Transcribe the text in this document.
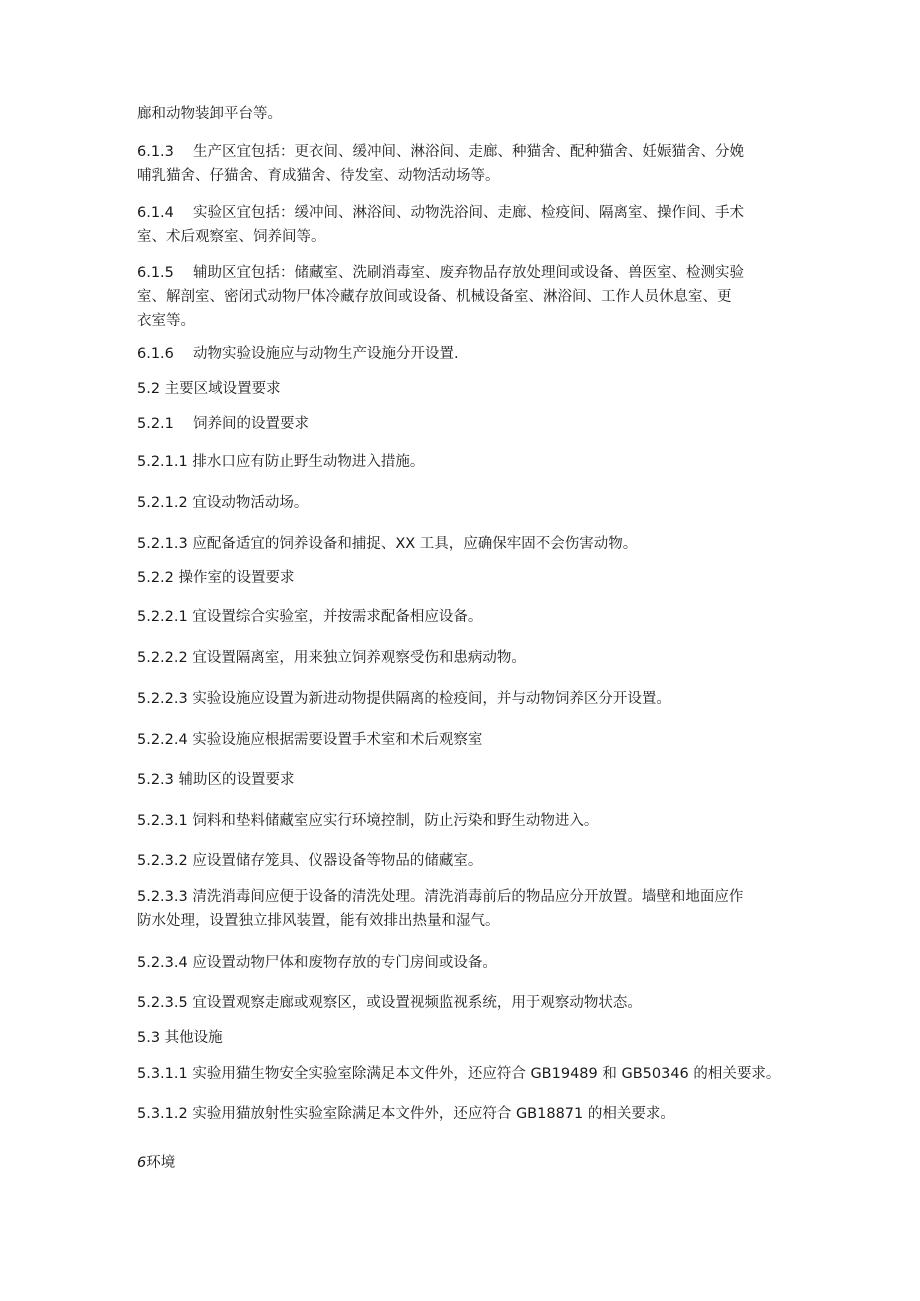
廊和动物装卸平台等。
6.1.3 生产区宜包括：更衣间、缓冲间、淋浴间、走廊、种猫舍、配种猫舍、妊娠猫舍、分娩
哺乳猫舍、仔猫舍、育成猫舍、待发室、动物活动场等。
6.1.4 实验区宜包括：缓冲间、淋浴间、动物洗浴间、走廊、检疫间、隔离室、操作间、手术
室、术后观察室、饲养间等。
6.1.5 辅助区宜包括：储藏室、洗刷消毒室、废弃物品存放处理间或设备、兽医室、检测实验
室、解剖室、密闭式动物尸体冷藏存放间或设备、机械设备室、淋浴间、工作人员休息室、更
衣室等。
6.1.6 动物实验设施应与动物生产设施分开设置.
5.2 主要区域设置要求
5.2.1 饲养间的设置要求
5.2.1.1 排水口应有防止野生动物进入措施。
5.2.1.2 宜设动物活动场。
5.2.1.3 应配备适宜的饲养设备和捕捉、XX 工具，应确保牢固不会伤害动物。
5.2.2 操作室的设置要求
5.2.2.1 宜设置综合实验室，并按需求配备相应设备。
5.2.2.2 宜设置隔离室，用来独立饲养观察受伤和患病动物。
5.2.2.3 实验设施应设置为新进动物提供隔离的检疫间，并与动物饲养区分开设置。
5.2.2.4 实验设施应根据需要设置手术室和术后观察室
5.2.3 辅助区的设置要求
5.2.3.1 饲料和垫料储藏室应实行环境控制，防止污染和野生动物进入。
5.2.3.2 应设置储存笼具、仪器设备等物品的储藏室。
5.2.3.3 清洗消毒间应便于设备的清洗处理。清洗消毒前后的物品应分开放置。墙壁和地面应作
防水处理，设置独立排风装置，能有效排出热量和湿气。
5.2.3.4 应设置动物尸体和废物存放的专门房间或设备。
5.2.3.5 宜设置观察走廊或观察区，或设置视频监视系统，用于观察动物状态。
5.3 其他设施
5.3.1.1 实验用猫生物安全实验室除满足本文件外，还应符合 GB19489 和 GB50346 的相关要求。
5.3.1.2 实验用猫放射性实验室除满足本文件外，还应符合 GB18871 的相关要求。
6环境
